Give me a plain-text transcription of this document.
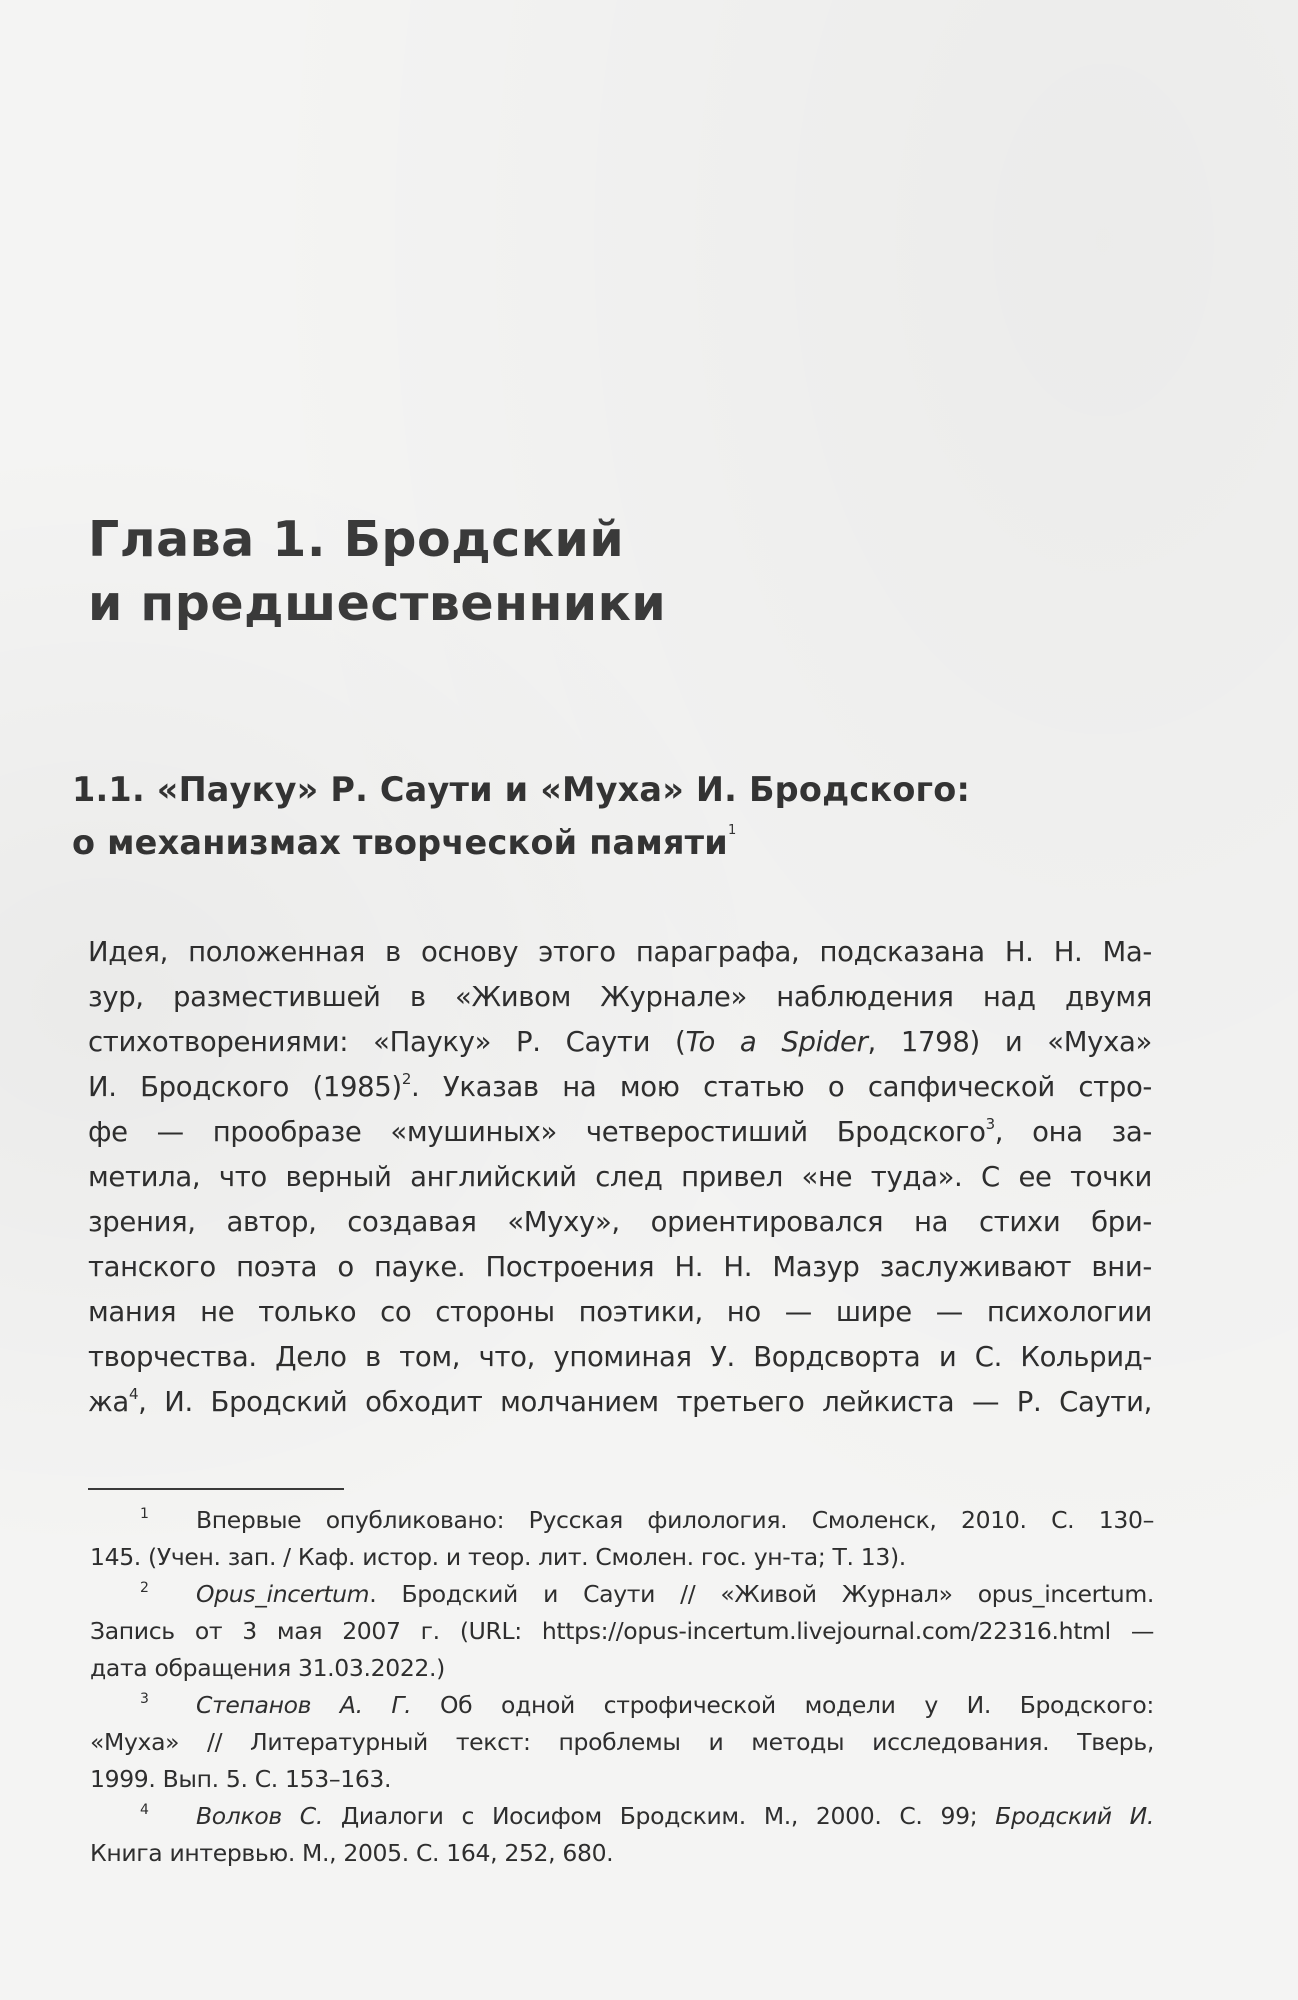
Глава 1. Бродский
и предшественники
1.1. «Пауку» Р. Саути и «Муха» И. Бродского:
о механизмах творческой памяти$^1$
Идея, положенная в основу этого параграфа, подсказана Н. Н. Ма-
зур, разместившей в «Живом Журнале» наблюдения над двумя
стихотворениями: «Пауку» Р. Саути (To a Spider, 1798) и «Муха»
И. Бродского $(1985)^2$. Указав на мою статью о сапфической стро-
фе — прообразе «мушиных» четверостиший Бродского$^3$, она за-
метила, что верный английский след привел «не туда». С ее точки
зрения, автор, создавая «Муху», ориентировался на стихи бри-
танского поэта о пауке. Построения Н. Н. Мазур заслуживают вни-
мания не только со стороны поэтики, но — шире — психологии
творчества. Дело в том, что, упоминая У. Вордсворта и С. Кольрид-
$жа^4$, И. Бродский обходит молчанием третьего лейкиста — Р. Саути,
1 Впервые опубликовано: Русская филология. Смоленск, 2010. С. 130–
145. (Учен. зап. / Каф. истор. и теор. лит. Смолен. гос. ун-та; Т. 13).
2 Opus_incertum. Бродский и Саути // «Живой Журнал» opus_incertum.
Запись от 3 мая 2007 г. (URL: https://opus-incertum.livejournal.com/22316.html —
дата обращения 31.03.2022.)
3 Степанов А. Г. Об одной строфической модели у И. Бродского:
«Муха» // Литературный текст: проблемы и методы исследования. Тверь,
1999. Вып. 5. С. 153–163.
4 Волков С. Диалоги с Иосифом Бродским. М., 2000. С. 99; Бродский И.
Книга интервью. М., 2005. С. 164, 252, 680.
